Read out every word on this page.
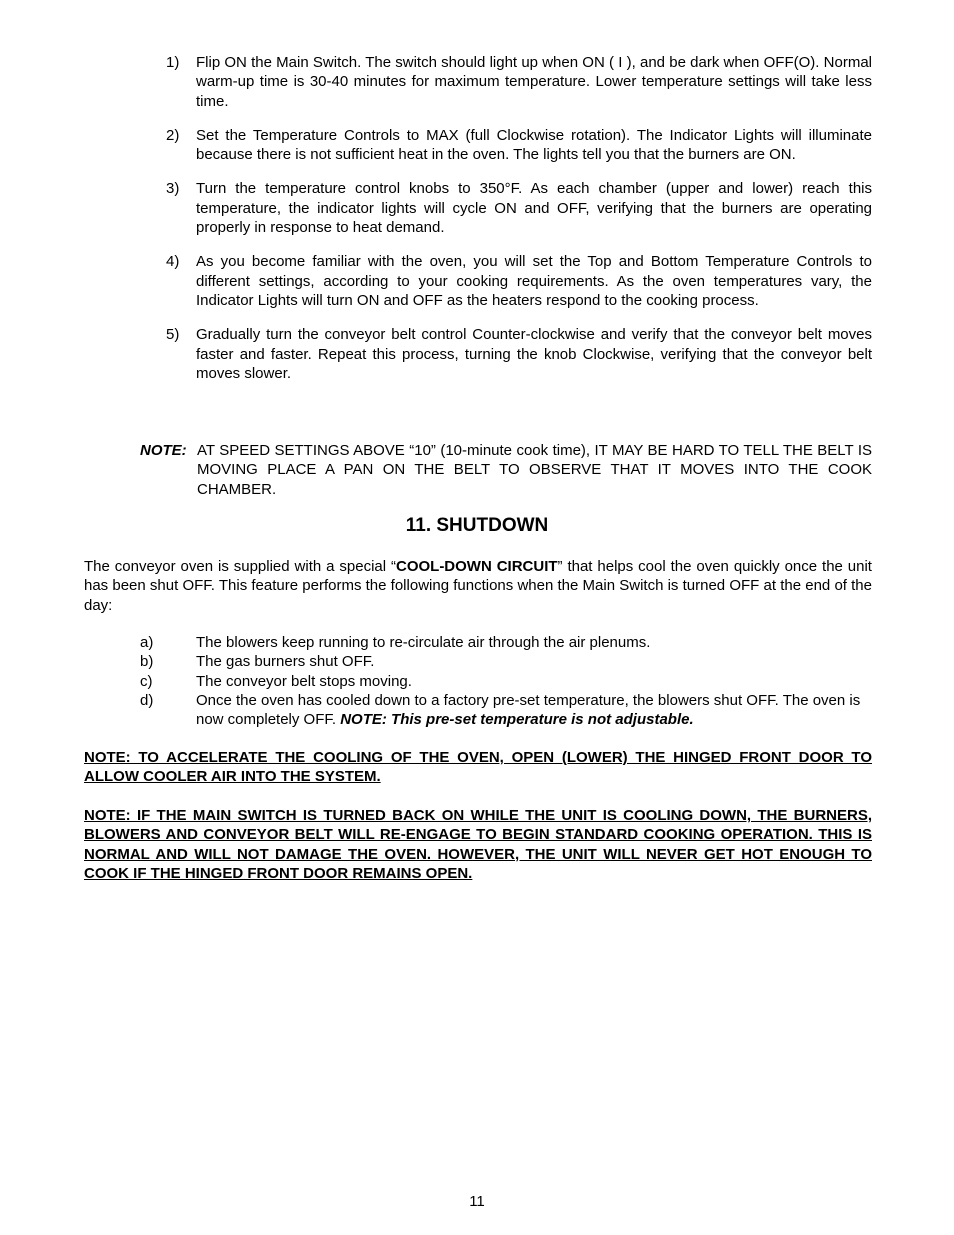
1)	Flip ON the Main Switch. The switch should light up when ON ( I ), and be dark when OFF(O). Normal warm-up time is 30-40 minutes for maximum temperature. Lower temperature settings will take less time.
2)	Set the Temperature Controls to MAX (full Clockwise rotation). The Indicator Lights will illuminate because there is not sufficient heat in the oven. The lights tell you that the burners are ON.
3)	Turn the temperature control knobs to 350°F. As each chamber (upper and lower) reach this temperature, the indicator lights will cycle ON and OFF, verifying that the burners are operating properly in response to heat demand.
4)	As you become familiar with the oven, you will set the Top and Bottom Temperature Controls to different settings, according to your cooking requirements. As the oven temperatures vary, the Indicator Lights will turn ON and OFF as the heaters respond to the cooking process.
5)	Gradually turn the conveyor belt control Counter-clockwise and verify that the conveyor belt moves faster and faster. Repeat this process, turning the knob Clockwise, verifying that the conveyor belt moves slower.
NOTE: AT SPEED SETTINGS ABOVE “10” (10-minute cook time), IT MAY BE HARD TO TELL THE BELT IS MOVING PLACE A PAN ON THE BELT TO OBSERVE THAT IT MOVES INTO THE COOK CHAMBER.
11. SHUTDOWN
The conveyor oven is supplied with a special “COOL-DOWN CIRCUIT” that helps cool the oven quickly once the unit has been shut OFF. This feature performs the following functions when the Main Switch is turned OFF at the end of the day:
a)	The blowers keep running to re-circulate air through the air plenums.
b)	The gas burners shut OFF.
c)	The conveyor belt stops moving.
d)	Once the oven has cooled down to a factory pre-set temperature, the blowers shut OFF. The oven is now completely OFF. NOTE: This pre-set temperature is not adjustable.
NOTE: TO ACCELERATE THE COOLING OF THE OVEN, OPEN (LOWER) THE HINGED FRONT DOOR TO ALLOW COOLER AIR INTO THE SYSTEM.
NOTE: IF THE MAIN SWITCH IS TURNED BACK ON WHILE THE UNIT IS COOLING DOWN, THE BURNERS, BLOWERS AND CONVEYOR BELT WILL RE-ENGAGE TO BEGIN STANDARD COOKING OPERATION. THIS IS NORMAL AND WILL NOT DAMAGE THE OVEN. HOWEVER, THE UNIT WILL NEVER GET HOT ENOUGH TO COOK IF THE HINGED FRONT DOOR REMAINS OPEN.
11
